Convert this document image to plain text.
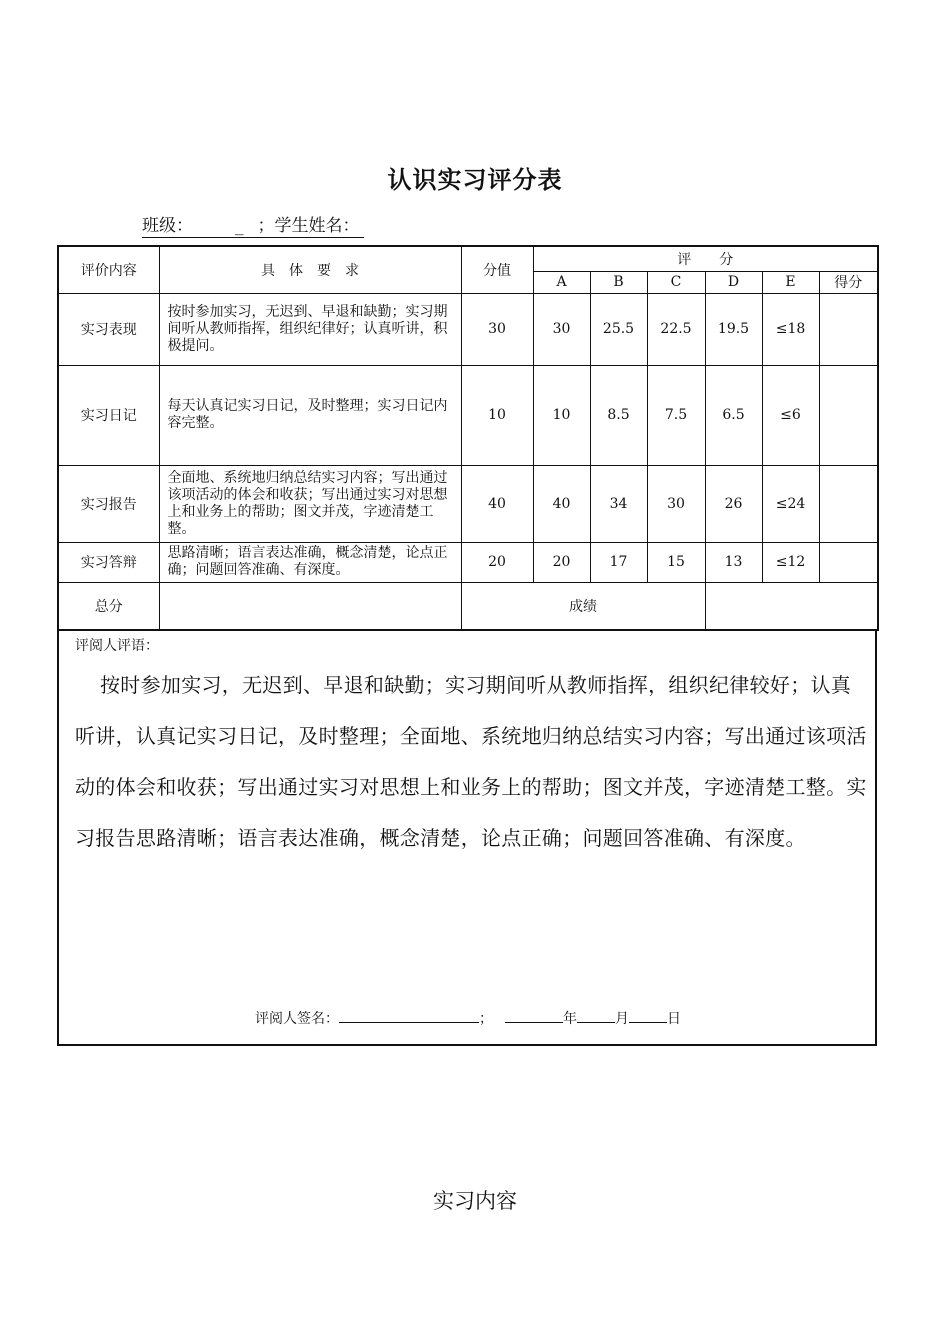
认识实习评分表
班级： _ ；学生姓名：
评价内容	具　体　要　求	分值	评　　分					
			A	B	C	D	E	得分
实习表现	按时参加实习，无迟到、早退和缺勤；实习期间听从教师指挥，组织纪律好；认真听讲，积极提问。	30	30	25.5	22.5	19.5	≤18	
实习日记	每天认真记实习日记，及时整理；实习日记内容完整。	10	10	8.5	7.5	6.5	≤6	
实习报告	全面地、系统地归纳总结实习内容；写出通过该项活动的体会和收获；写出通过实习对思想上和业务上的帮助；图文并茂，字迹清楚工整。	40	40	34	30	26	≤24	
实习答辩	思路清晰；语言表达准确，概念清楚，论点正确；问题回答准确、有深度。	20	20	17	15	13	≤12	
总分		成绩						
评阅人评语：
按时参加实习，无迟到、早退和缺勤；实习期间听从教师指挥，组织纪律较好；认真听讲，认真记实习日记，及时整理；全面地、系统地归纳总结实习内容；写出通过该项活动的体会和收获；写出通过实习对思想上和业务上的帮助；图文并茂，字迹清楚工整。实习报告思路清晰；语言表达准确，概念清楚，论点正确；问题回答准确、有深度。
评阅人签名：	；	年	月	日
实习内容
